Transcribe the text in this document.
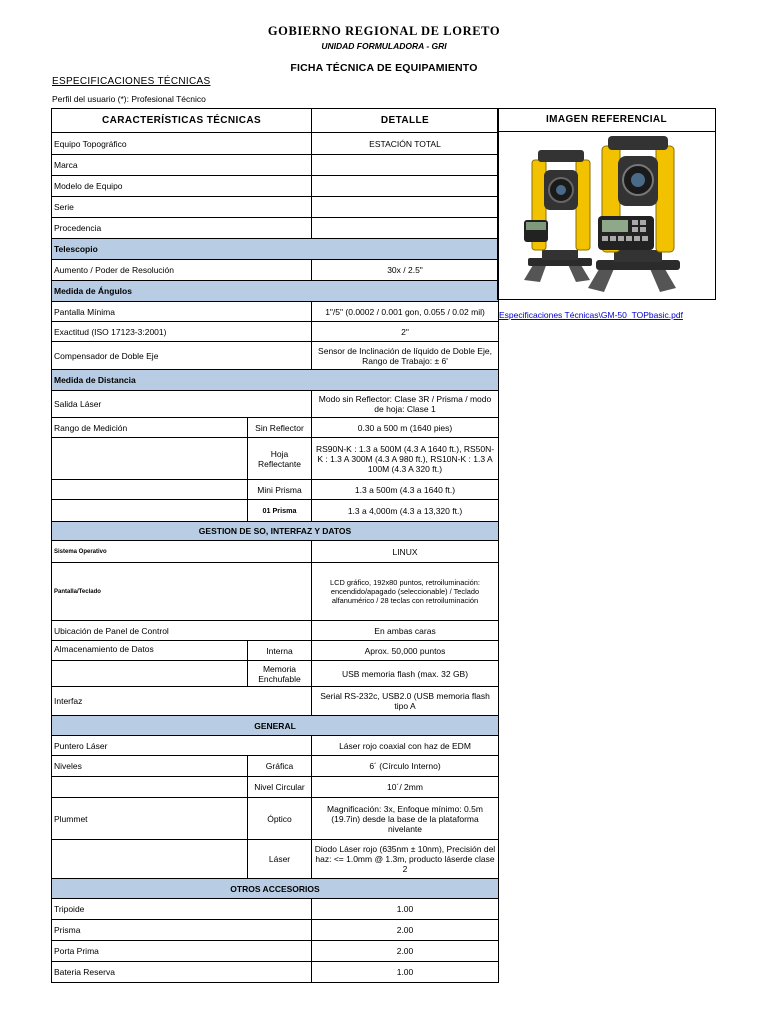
GOBIERNO REGIONAL DE LORETO
UNIDAD FORMULADORA - GRI
FICHA TÉCNICA DE EQUIPAMIENTO
ESPECIFICACIONES TÉCNICAS
Perfil del usuario (*): Profesional Técnico
CARACTERÍSTICAS TÉCNICAS		DETALLE
Equipo Topográfico		ESTACIÓN TOTAL
Marca		
Modelo de Equipo		
Serie		
Procedencia		
Telescopio		
Aumento / Poder de Resolución		30x / 2.5"
Medida de Ángulos		
Pantalla Mínima		1"/5" (0.0002 / 0.001 gon, 0.055 / 0.02 mil)
Exactitud (ISO 17123-3:2001)		2"
Compensador de Doble Eje		Sensor de Inclinación de líquido de Doble Eje, Rango de Trabajo: ± 6'
Medida de Distancia		
Salida Láser		Modo sin Reflector: Clase 3R / Prisma / modo de hoja: Clase 1
Rango de Medición	Sin Reflector	0.30 a 500 m (1640 pies)
	Hoja Reflectante	RS90N-K : 1.3 a 500M (4.3 A 1640 ft.), RS50N-K : 1.3 A 300M (4.3 A 980 ft.), RS10N-K : 1.3 A 100M (4.3 A 320 ft.)
	Mini Prisma	1.3 a 500m (4.3 a 1640 ft.)
	01 Prisma	1.3 a 4,000m (4.3 a 13,320 ft.)
GESTION DE SO, INTERFAZ Y DATOS		
Sistema Operativo		LINUX
Pantalla/Teclado		LCD gráfico, 192x80 puntos, retroiluminación: encendido/apagado (seleccionable) / Teclado alfanumérico / 28 teclas con retroiluminación
Ubicación de Panel de Control		En ambas caras
Almacenamiento de Datos	Interna	Aprox. 50,000 puntos
	Memoria Enchufable	USB memoria flash (max. 32 GB)
Interfaz		Serial RS-232c, USB2.0 (USB memoria flash tipo A
GENERAL		
Puntero Láser		Láser rojo coaxial con haz de EDM
Niveles	Gráfica	6´ (Círculo Interno)
	Nivel Circular	10´/ 2mm
Plummet	Óptico	Magnificación: 3x, Enfoque mínimo: 0.5m (19.7in) desde la base de la plataforma nivelante
	Láser	Diodo Láser rojo (635nm ± 10nm), Precisión del haz: <= 1.0mm @ 1.3m, producto láserde clase 2
OTROS ACCESORIOS		
Tripoide		1.00
Prisma		2.00
Porta Prima		2.00
Bateria Reserva		1.00
IMAGEN REFERENCIAL
Especificaciones Técnicas\GM-50_TOPbasic.pdf
